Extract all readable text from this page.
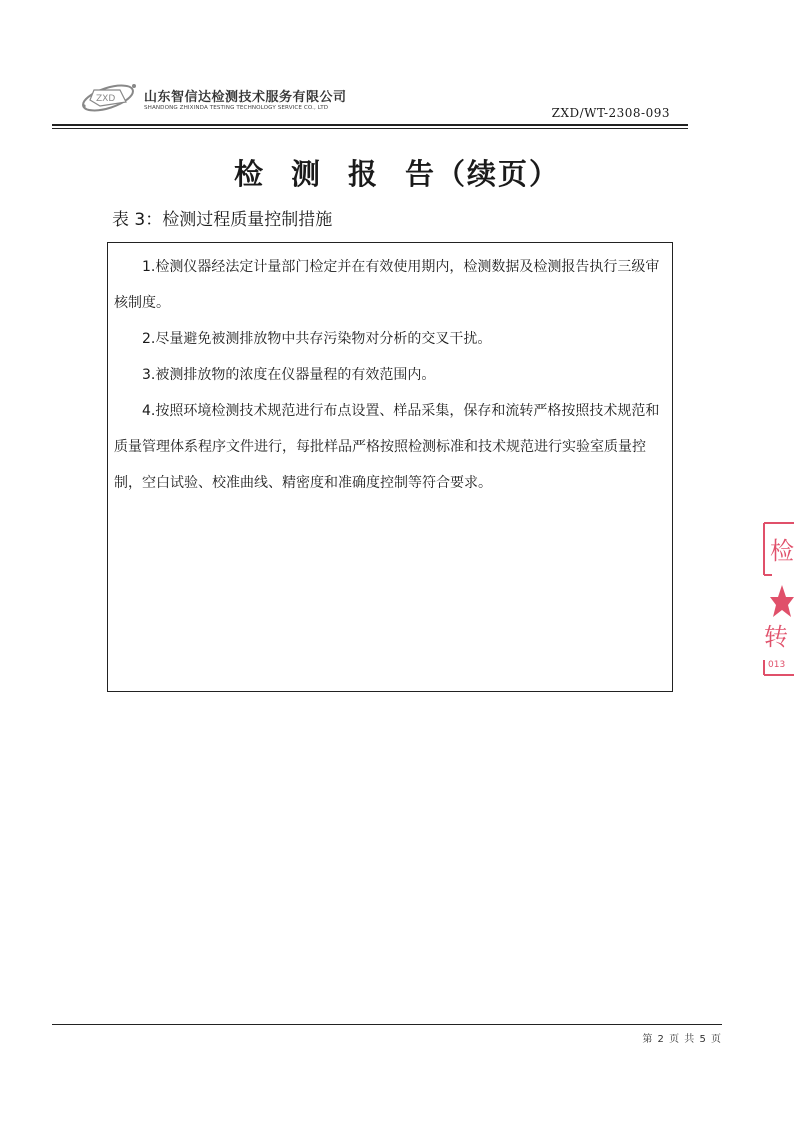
ZXD 山东智信达检测技术服务有限公司
SHANDONG ZHIXINDA TESTING TECHNOLOGY SERVICE CO., LTD	ZXD/WT-2308-093
检 测 报 告（续页）
表 3：检测过程质量控制措施

1.检测仪器经法定计量部门检定并在有效使用期内，检测数据及检测报告执行三级审核制度。

2.尽量避免被测排放物中共存污染物对分析的交叉干扰。

3.被测排放物的浓度在仪器量程的有效范围内。

4.按照环境检测技术规范进行布点设置、样品采集，保存和流转严格按照技术规范和质量管理体系程序文件进行，每批样品严格按照检测标准和技术规范进行实验室质量控制，空白试验、校准曲线、精密度和准确度控制等符合要求。

检
转
013
第 2 页 共 5 页
